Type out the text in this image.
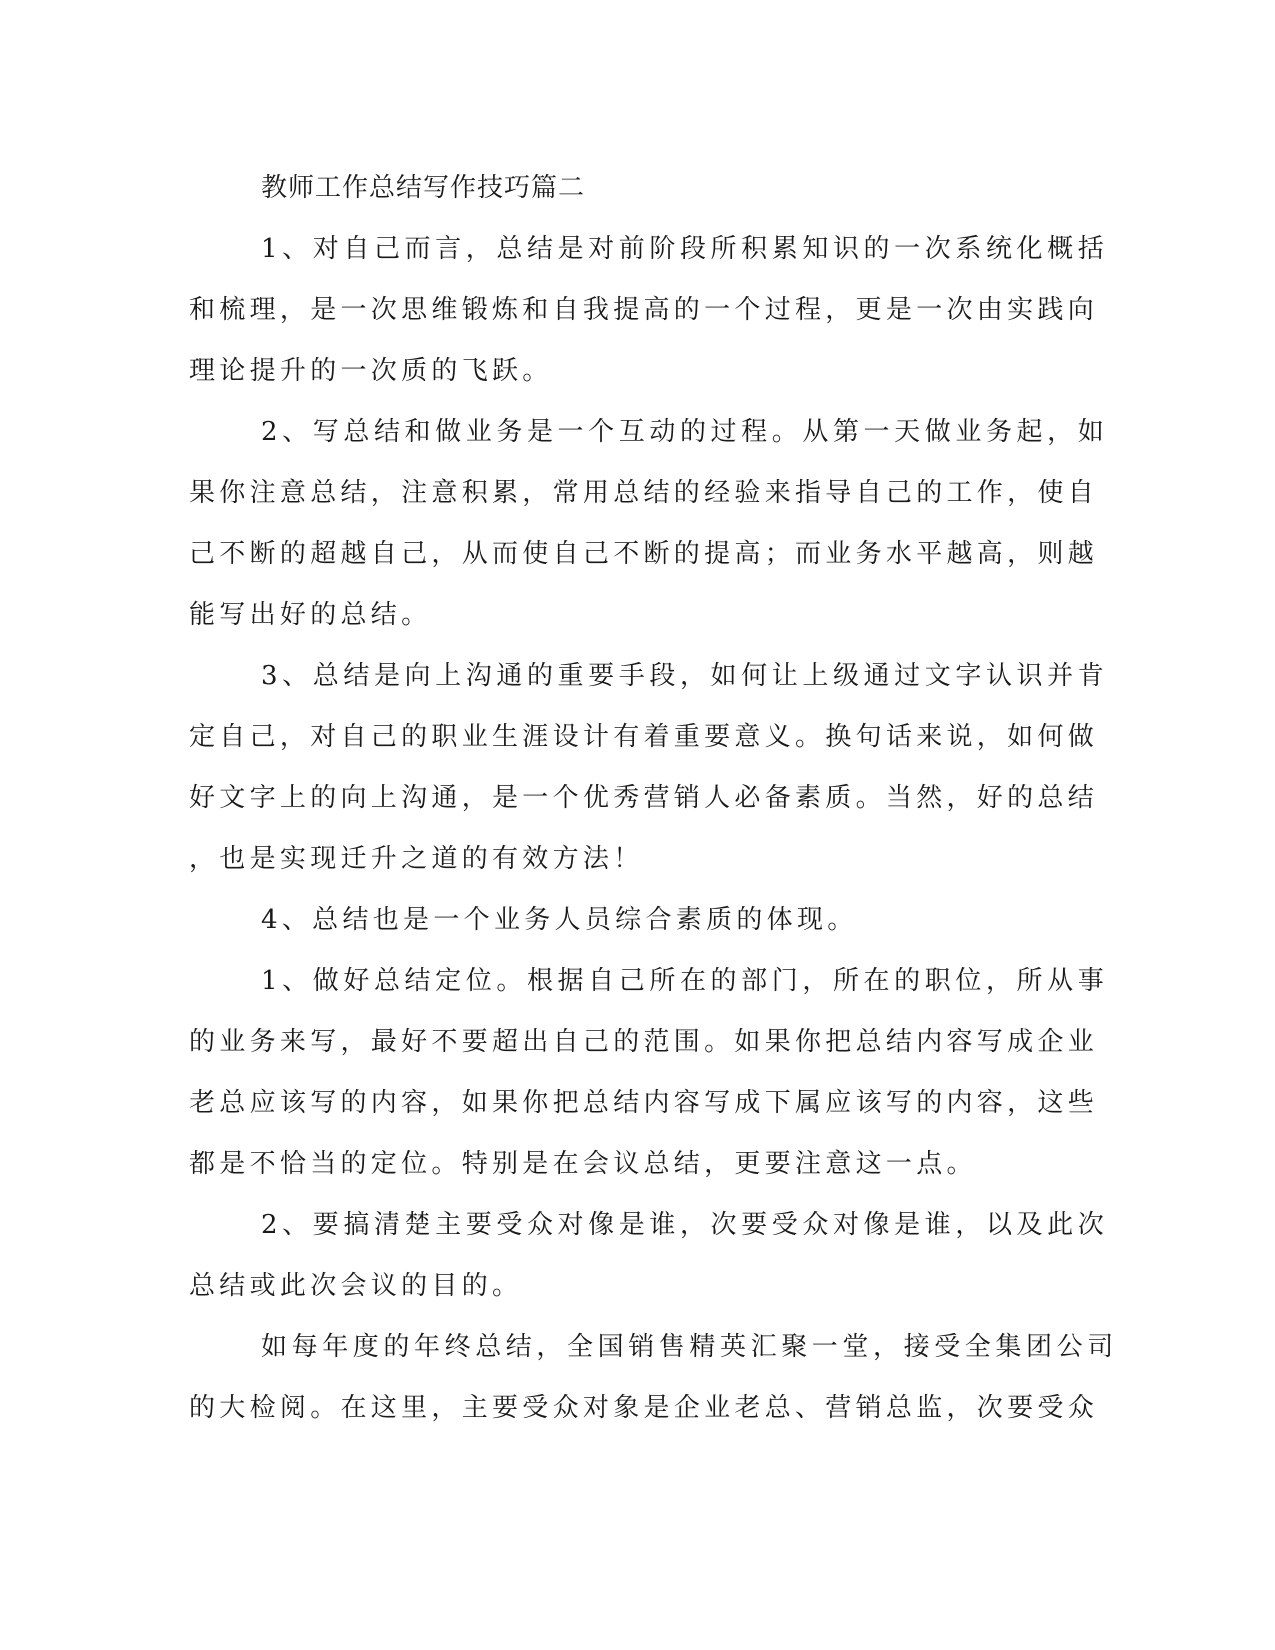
教师工作总结写作技巧篇二
1、对自己而言，总结是对前阶段所积累知识的一次系统化概括
和梳理，是一次思维锻炼和自我提高的一个过程，更是一次由实践向
理论提升的一次质的飞跃。
2、写总结和做业务是一个互动的过程。从第一天做业务起，如
果你注意总结，注意积累，常用总结的经验来指导自己的工作，使自
己不断的超越自己，从而使自己不断的提高；而业务水平越高，则越
能写出好的总结。
3、总结是向上沟通的重要手段，如何让上级通过文字认识并肯
定自己，对自己的职业生涯设计有着重要意义。换句话来说，如何做
好文字上的向上沟通，是一个优秀营销人必备素质。当然，好的总结
，也是实现迁升之道的有效方法！
4、总结也是一个业务人员综合素质的体现。
1、做好总结定位。根据自己所在的部门，所在的职位，所从事
的业务来写，最好不要超出自己的范围。如果你把总结内容写成企业
老总应该写的内容，如果你把总结内容写成下属应该写的内容，这些
都是不恰当的定位。特别是在会议总结，更要注意这一点。
2、要搞清楚主要受众对像是谁，次要受众对像是谁，以及此次
总结或此次会议的目的。
如每年度的年终总结，全国销售精英汇聚一堂，接受全集团公司
的大检阅。在这里，主要受众对象是企业老总、营销总监，次要受众
